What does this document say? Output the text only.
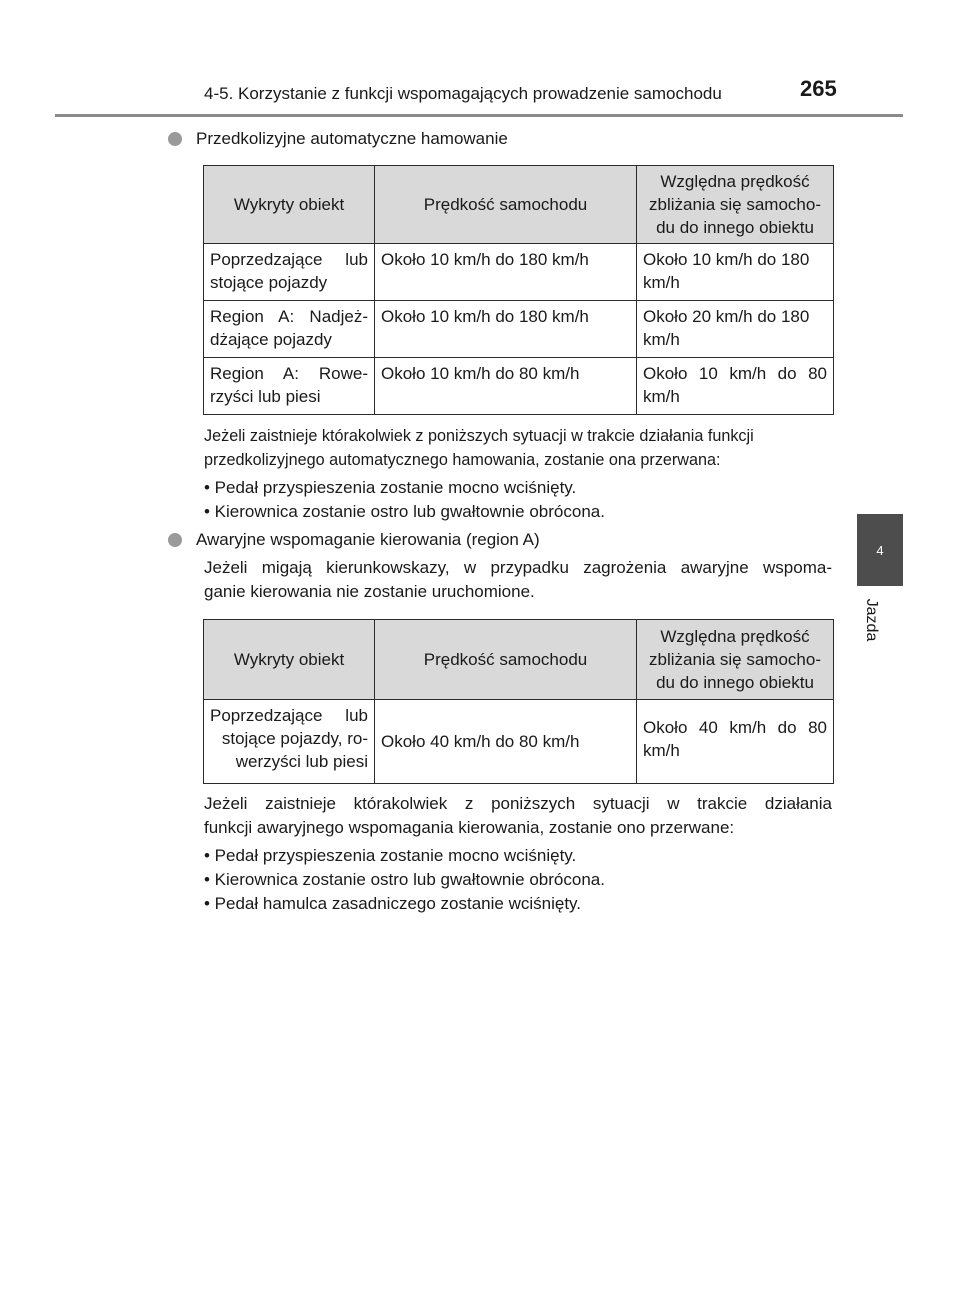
4-5. Korzystanie z funkcji wspomagających prowadzenie samochodu	265
4
Jazda
Przedkolizyjne automatyczne hamowanie
Wykryty obiekt	Prędkość samochodu	Względna prędkość
zbliżania się samocho-
du do innego obiektu

Poprzedzające lub
stojące pojazdy	Około 10 km/h do 180 km/h	Około 10 km/h do 180
km/h

Region A: Nadjeż-
dżające pojazdy	Około 10 km/h do 180 km/h	Około 20 km/h do 180
km/h

Region A: Rowe-
rzyści lub piesi	Około 10 km/h do 80 km/h	Około 10 km/h do 80
km/h
Jeżeli zaistnieje którakolwiek z poniższych sytuacji w trakcie działania funkcji
przedkolizyjnego automatycznego hamowania, zostanie ona przerwana:
• Pedał przyspieszenia zostanie mocno wciśnięty.
• Kierownica zostanie ostro lub gwałtownie obrócona.
Awaryjne wspomaganie kierowania (region A)
Jeżeli migają kierunkowskazy, w przypadku zagrożenia awaryjne wspoma-
ganie kierowania nie zostanie uruchomione.
Wykryty obiekt	Prędkość samochodu	Względna prędkość
zbliżania się samocho-
du do innego obiektu

Poprzedzające lub
stojące pojazdy, ro-
werzyści lub piesi	Około 40 km/h do 80 km/h	Około 40 km/h do 80
km/h
Jeżeli zaistnieje którakolwiek z poniższych sytuacji w trakcie działania
funkcji awaryjnego wspomagania kierowania, zostanie ono przerwane:
• Pedał przyspieszenia zostanie mocno wciśnięty.
• Kierownica zostanie ostro lub gwałtownie obrócona.
• Pedał hamulca zasadniczego zostanie wciśnięty.
